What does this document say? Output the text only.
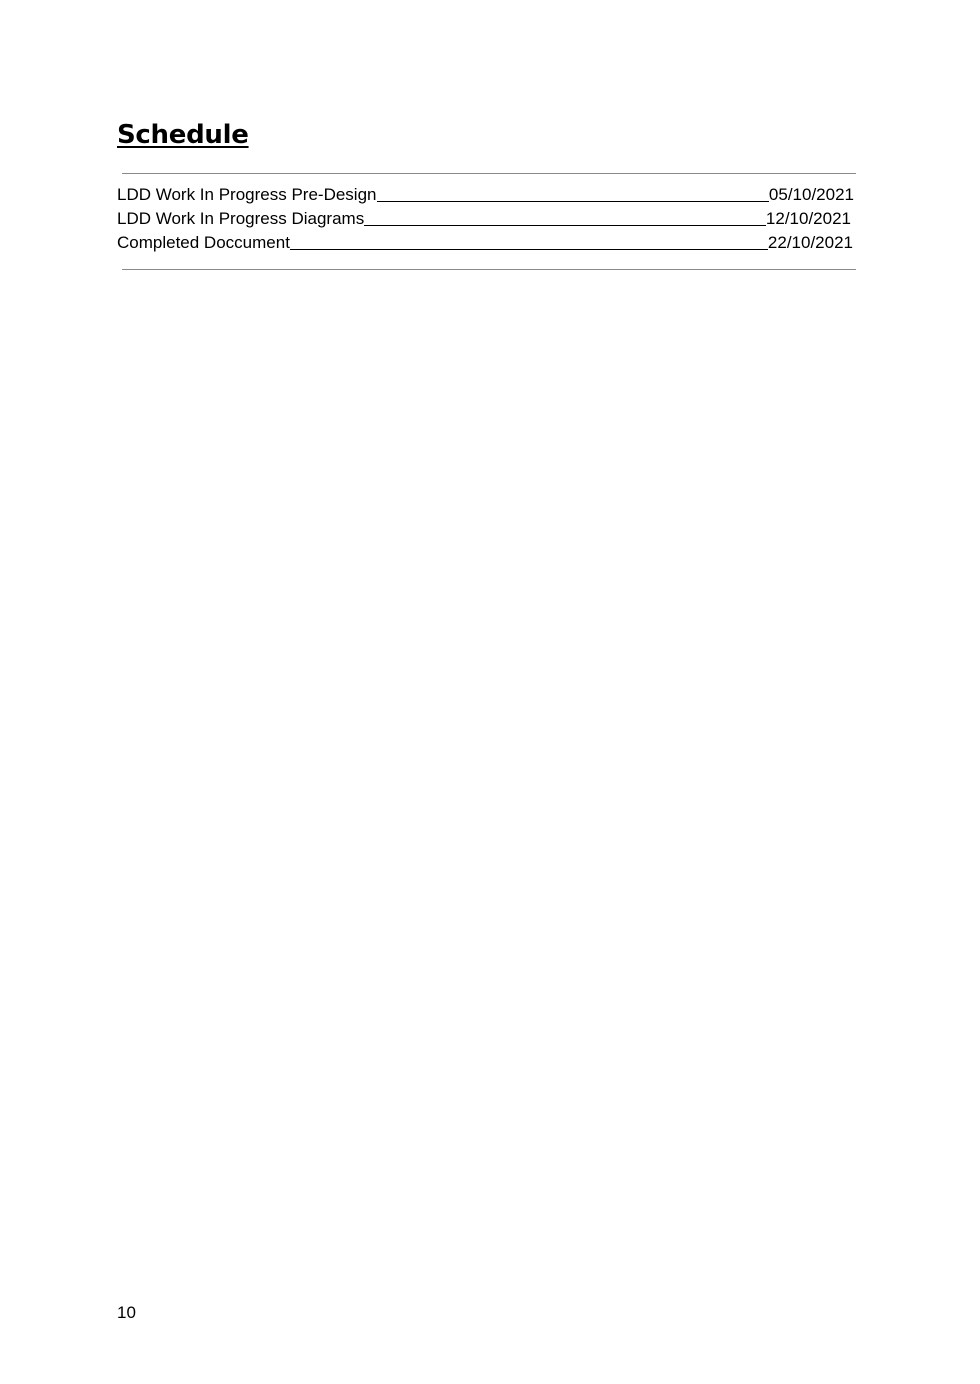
Schedule
LDD Work In Progress Pre-Design	05/10/2021
LDD Work In Progress Diagrams	12/10/2021
Completed Doccument	22/10/2021
10
